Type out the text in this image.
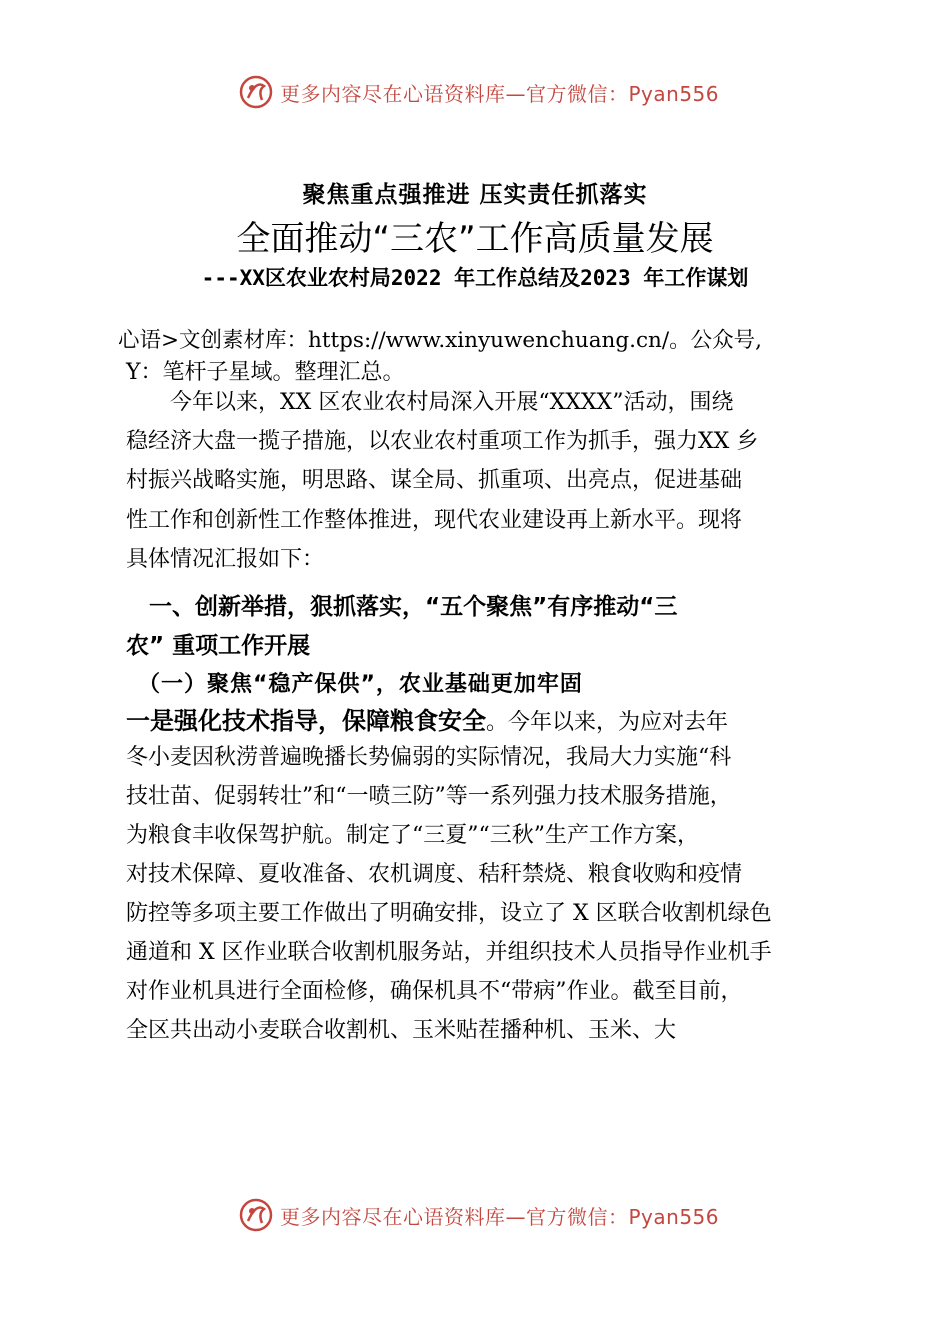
更多内容尽在心语资料库—官方微信：Pyan556
聚焦重点强推进 压实责任抓落实
全面推动“三农”工作高质量发展
---XX区农业农村局2022 年工作总结及2023 年工作谋划
心语>文创素材库：https://www.xinyuwenchuang.cn/。公众号,
Y：笔杆子星域。整理汇总。
　　今年以来，XX 区农业农村局深入开展“XXXX”活动，围绕
稳经济大盘一揽子措施，以农业农村重项工作为抓手，强力XX 乡
村振兴战略实施，明思路、谋全局、抓重项、出亮点，促进基础
性工作和创新性工作整体推进，现代农业建设再上新水平。现将
具体情况汇报如下：
　一、创新举措，狠抓落实，“五个聚焦”有序推动“三
农” 重项工作开展
　（一）聚焦“稳产保供”，农业基础更加牢固
一是强化技术指导，保障粮食安全。今年以来，为应对去年
冬小麦因秋涝普遍晚播长势偏弱的实际情况，我局大力实施“科
技壮苗、促弱转壮”和“一喷三防”等一系列强力技术服务措施，
为粮食丰收保驾护航。制定了“三夏”“三秋”生产工作方案，
对技术保障、夏收准备、农机调度、秸秆禁烧、粮食收购和疫情
防控等多项主要工作做出了明确安排，设立了 X 区联合收割机绿色
通道和 X 区作业联合收割机服务站，并组织技术人员指导作业机手
对作业机具进行全面检修，确保机具不“带病”作业。截至目前，
全区共出动小麦联合收割机、玉米贴茬播种机、玉米、大
更多内容尽在心语资料库—官方微信：Pyan556
